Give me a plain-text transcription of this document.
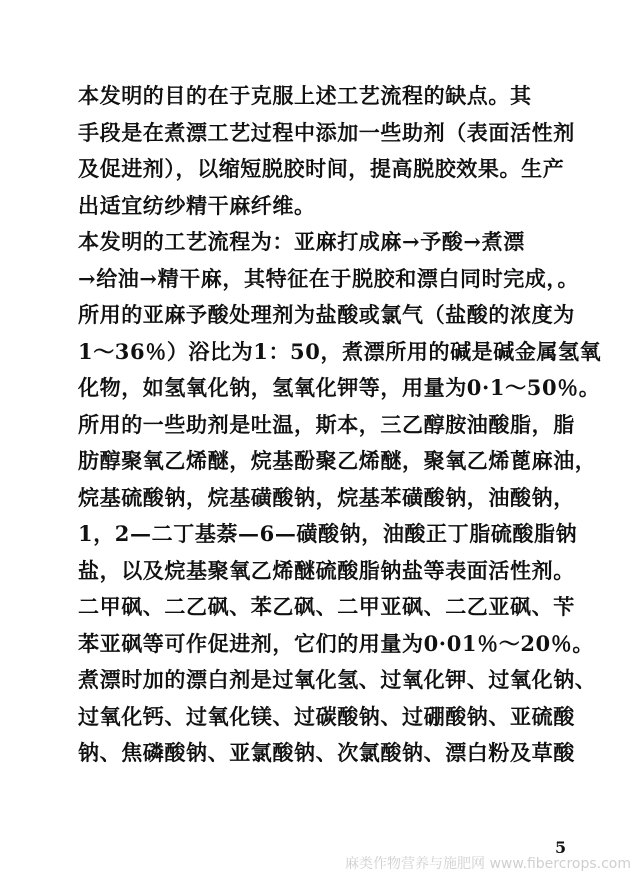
本发明的目的在于克服上述工艺流程的缺点。其
手段是在煮漂工艺过程中添加一些助剂（表面活性剂
及促进剂），以缩短脱胶时间，提高脱胶效果。生产
出适宜纺纱精干麻纤维。
本发明的工艺流程为：亚麻打成麻→予酸→煮漂
→给油→精干麻，其特征在于脱胶和漂白同时完成，。
所用的亚麻予酸处理剂为盐酸或氯气（盐酸的浓度为
1～36％）浴比为1：50，煮漂所用的碱是碱金属氢氧
化物，如氢氧化钠，氢氧化钾等，用量为0·1～50％。
所用的一些助剂是吐温，斯本，三乙醇胺油酸脂，脂
肪醇聚氧乙烯醚，烷基酚聚乙烯醚，聚氧乙烯蓖麻油，
烷基硫酸钠，烷基磺酸钠，烷基苯磺酸钠，油酸钠，
1，2—二丁基萘—6—磺酸钠，油酸正丁脂硫酸脂钠
盐，以及烷基聚氧乙烯醚硫酸脂钠盐等表面活性剂。
二甲砜、二乙砜、苯乙砜、二甲亚砜、二乙亚砜、苄
苯亚砜等可作促进剂，它们的用量为0·01％～20％。
煮漂时加的漂白剂是过氧化氢、过氧化钾、过氧化钠、
过氧化钙、过氧化镁、过碳酸钠、过硼酸钠、亚硫酸
钠、焦磷酸钠、亚氯酸钠、次氯酸钠、漂白粉及草酸
5
麻类作物营养与施肥网 www.fibercrops.com
